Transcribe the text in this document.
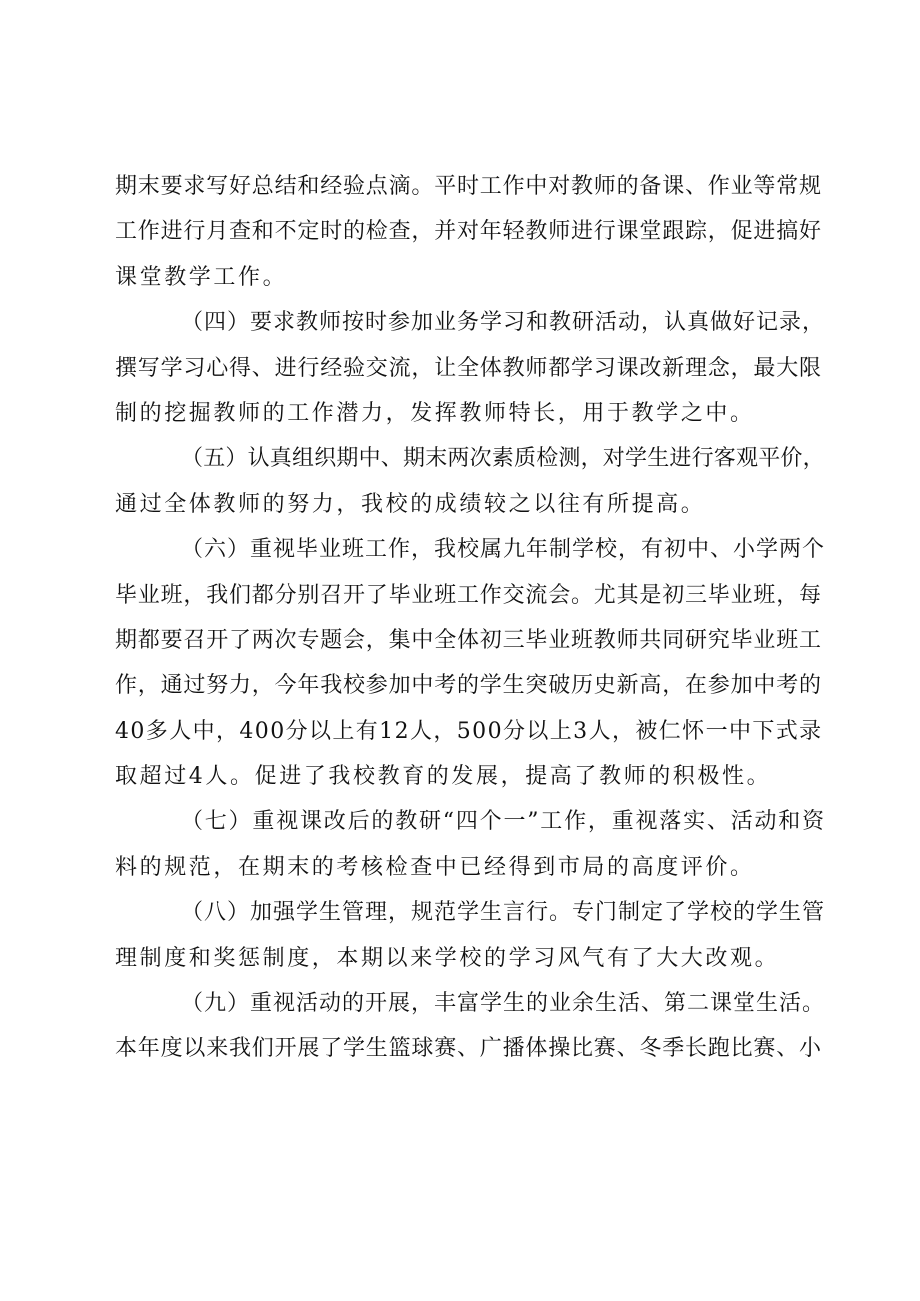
期末要求写好总结和经验点滴。平时工作中对教师的备课、作业等常规
工作进行月查和不定时的检查，并对年轻教师进行课堂跟踪，促进搞好
课堂教学工作。
（四）要求教师按时参加业务学习和教研活动，认真做好记录，
撰写学习心得、进行经验交流，让全体教师都学习课改新理念，最大限
制的挖掘教师的工作潜力，发挥教师特长，用于教学之中。
（五）认真组织期中、期末两次素质检测，对学生进行客观平价，
通过全体教师的努力，我校的成绩较之以往有所提高。
（六）重视毕业班工作，我校属九年制学校，有初中、小学两个
毕业班，我们都分别召开了毕业班工作交流会。尤其是初三毕业班，每
期都要召开了两次专题会，集中全体初三毕业班教师共同研究毕业班工
作，通过努力，今年我校参加中考的学生突破历史新高，在参加中考的
40多人中，400分以上有12人，500分以上3人，被仁怀一中下式录
取超过4人。促进了我校教育的发展，提高了教师的积极性。
（七）重视课改后的教研“四个一”工作，重视落实、活动和资
料的规范，在期末的考核检查中已经得到市局的高度评价。
（八）加强学生管理，规范学生言行。专门制定了学校的学生管
理制度和奖惩制度，本期以来学校的学习风气有了大大改观。
（九）重视活动的开展，丰富学生的业余生活、第二课堂生活。
本年度以来我们开展了学生篮球赛、广播体操比赛、冬季长跑比赛、小
